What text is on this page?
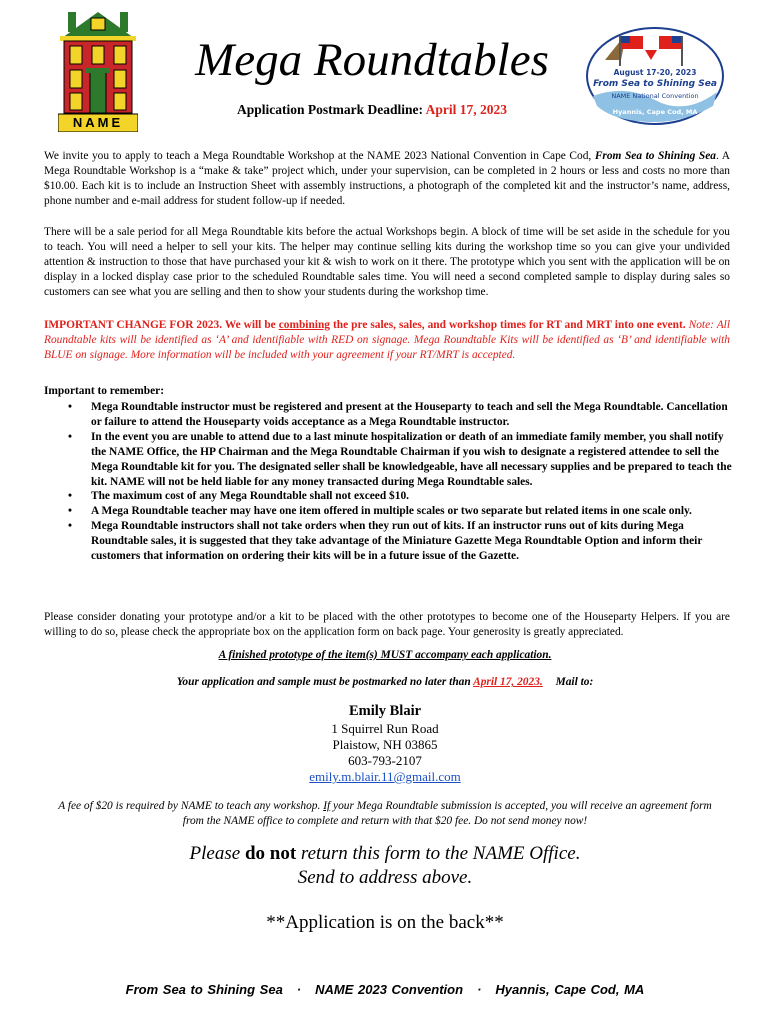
NAME
Mega Roundtables
Application Postmark Deadline: April 17, 2023
August 17-20, 2023
From Sea to Shining Sea
NAME National Convention
Hyannis, Cape Cod, MA
We invite you to apply to teach a Mega Roundtable Workshop at the NAME 2023 National Convention in Cape Cod, From Sea to Shining Sea. A Mega Roundtable Workshop is a “make & take” project which, under your supervision, can be completed in 2 hours or less and costs no more than $10.00. Each kit is to include an Instruction Sheet with assembly instructions, a photograph of the completed kit and the instructor’s name, address, phone number and e-mail address for student follow-up if needed.
There will be a sale period for all Mega Roundtable kits before the actual Workshops begin. A block of time will be set aside in the schedule for you to teach. You will need a helper to sell your kits. The helper may continue selling kits during the workshop time so you can give your undivided attention & instruction to those that have purchased your kit & wish to work on it there. The prototype which you sent with the application will be on display in a locked display case prior to the scheduled Roundtable sales time. You will need a second completed sample to display during sales so customers can see what you are selling and then to show your students during the workshop time.
IMPORTANT CHANGE FOR 2023. We will be combining the pre sales, sales, and workshop times for RT and MRT into one event. Note: All Roundtable kits will be identified as ‘A’ and identifiable with RED on signage. Mega Roundtable Kits will be identified as ‘B’ and identifiable with BLUE on signage. More information will be included with your agreement if your RT/MRT is accepted.
Important to remember:
• Mega Roundtable instructor must be registered and present at the Houseparty to teach and sell the Mega Roundtable. Cancellation or failure to attend the Houseparty voids acceptance as a Mega Roundtable instructor.
• In the event you are unable to attend due to a last minute hospitalization or death of an immediate family member, you shall notify the NAME Office, the HP Chairman and the Mega Roundtable Chairman if you wish to designate a registered attendee to sell the Mega Roundtable kit for you. The designated seller shall be knowledgeable, have all necessary supplies and be prepared to teach the kit. NAME will not be held liable for any money transacted during Mega Roundtable sales.
• The maximum cost of any Mega Roundtable shall not exceed $10.
• A Mega Roundtable teacher may have one item offered in multiple scales or two separate but related items in one scale only.
• Mega Roundtable instructors shall not take orders when they run out of kits. If an instructor runs out of kits during Mega Roundtable sales, it is suggested that they take advantage of the Miniature Gazette Mega Roundtable Option and inform their customers that information on ordering their kits will be in a future issue of the Gazette.
Please consider donating your prototype and/or a kit to be placed with the other prototypes to become one of the Houseparty Helpers. If you are willing to do so, please check the appropriate box on the application form on back page. Your generosity is greatly appreciated.
A finished prototype of the item(s) MUST accompany each application.
Your application and sample must be postmarked no later than April 17, 2023. Mail to:
Emily Blair
1 Squirrel Run Road
Plaistow, NH 03865
603-793-2107
emily.m.blair.11@gmail.com
A fee of $20 is required by NAME to teach any workshop. If your Mega Roundtable submission is accepted, you will receive an agreement form from the NAME office to complete and return with that $20 fee. Do not send money now!
Please do not return this form to the NAME Office.
Send to address above.
**Application is on the back**
From Sea to Shining Sea · NAME 2023 Convention · Hyannis, Cape Cod, MA
